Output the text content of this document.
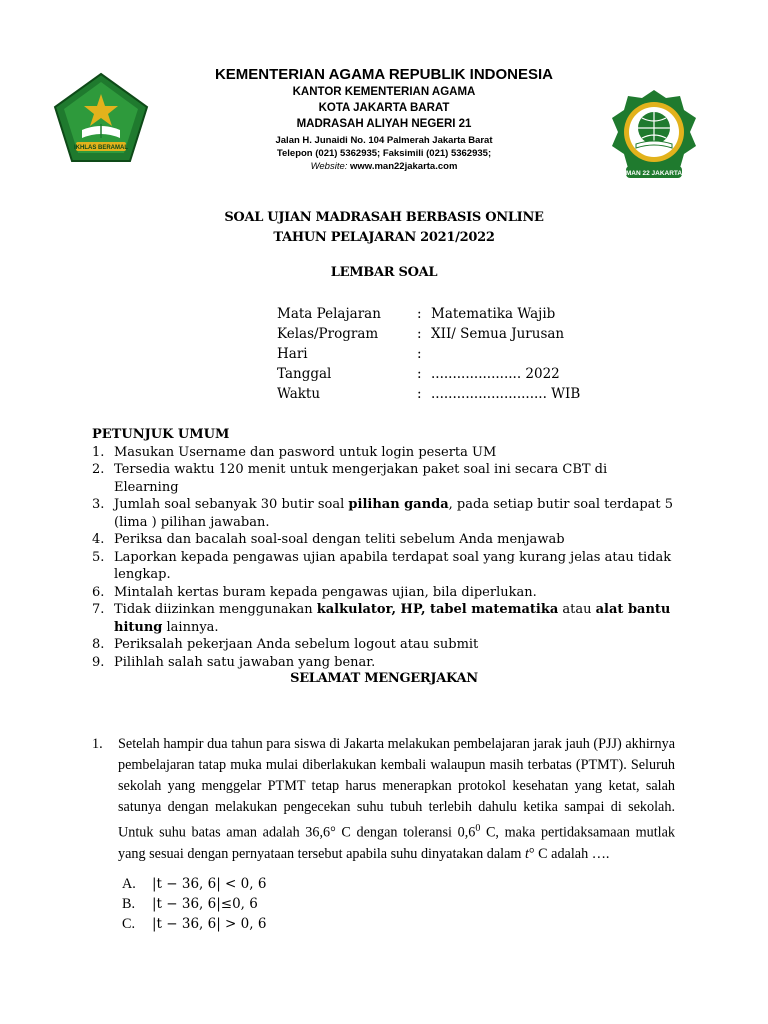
IKHLAS BERAMAL
MAN 22 JAKARTA
KEMENTERIAN AGAMA REPUBLIK INDONESIA
KANTOR KEMENTERIAN AGAMA
KOTA JAKARTA BARAT
MADRASAH ALIYAH NEGERI 21
Jalan H. Junaidi No. 104 Palmerah Jakarta Barat
Telepon (021) 5362935; Faksimili (021) 5362935;
Website: www.man22jakarta.com
SOAL UJIAN MADRASAH BERBASIS ONLINE
TAHUN PELAJARAN 2021/2022
LEMBAR SOAL
Mata Pelajaran	: Matematika Wajib
Kelas/Program	: XII/ Semua Jurusan
Hari	:
Tanggal	: ..................... 2022
Waktu	: ........................... WIB
PETUNJUK UMUM
1. Masukan Username dan pasword untuk login peserta UM
2. Tersedia waktu 120 menit untuk mengerjakan paket soal ini secara CBT di Elearning
3. Jumlah soal sebanyak 30 butir soal pilihan ganda, pada setiap butir soal terdapat 5 (lima ) pilihan jawaban.
4. Periksa dan bacalah soal-soal dengan teliti sebelum Anda menjawab
5. Laporkan kepada pengawas ujian apabila terdapat soal yang kurang jelas atau tidak lengkap.
6. Mintalah kertas buram kepada pengawas ujian, bila diperlukan.
7. Tidak diizinkan menggunakan kalkulator, HP, tabel matematika atau alat bantu hitung lainnya.
8. Periksalah pekerjaan Anda sebelum logout atau submit
9. Pilihlah salah satu jawaban yang benar.
SELAMAT MENGERJAKAN
1. Setelah hampir dua tahun para siswa di Jakarta melakukan pembelajaran jarak jauh (PJJ) akhirnya pembelajaran tatap muka mulai diberlakukan kembali walaupun masih terbatas (PTMT). Seluruh sekolah yang menggelar PTMT tetap harus menerapkan protokol kesehatan yang ketat, salah satunya dengan melakukan pengecekan suhu tubuh terlebih dahulu ketika sampai di sekolah. Untuk suhu batas aman adalah 36,6° C dengan toleransi $0,6^0$ C, maka pertidaksamaan mutlak yang sesuai dengan pernyataan tersebut apabila suhu dinyatakan dalam t° C adalah ….
A. |t − 36, 6| < 0, 6
B. |t − 36, 6|≤0, 6
C. |t − 36, 6| > 0, 6
